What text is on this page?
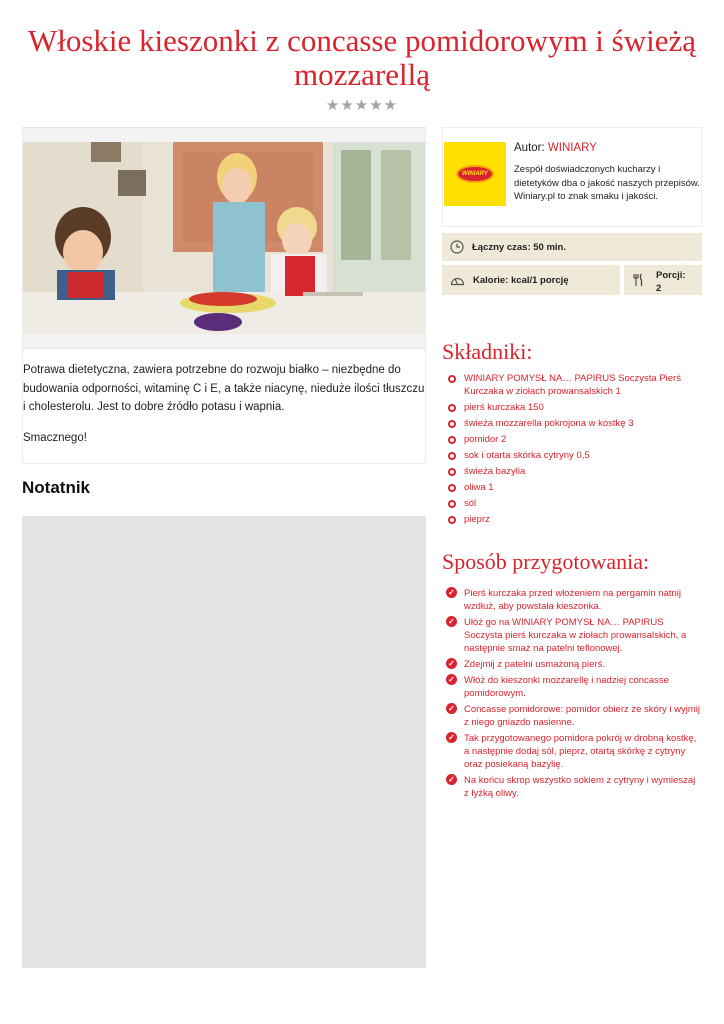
Włoskie kieszonki z concasse pomidorowym i świeżą mozzarellą
★★★★★

Potrawa dietetyczna, zawiera potrzebne do rozwoju białko – niezbędne do budowania odporności, witaminę C i E, a także niacynę, nieduże ilości tłuszczu i cholesterolu. Jest to dobre źródło potasu i wapnia.

Smacznego!

Notatnik
WINIARY
Autor: WINIARY
Zespół doświadczonych kucharzy i dietetyków dba o jakość naszych przepisów. Winiary.pl to znak smaku i jakości.
Łączny czas: 50 min.
Kalorie: kcal/1 porcję	Porcji:
2
Składniki:
WINIARY POMYSŁ NA… PAPIRUS Soczysta Pierś Kurczaka w ziołach prowansalskich 1
pierś kurczaka 150
świeża mozzarella pokrojona w kostkę 3
pomidor 2
sok i otarta skórka cytryny 0,5
świeża bazylia
oliwa 1
sól
pieprz
Sposób przygotowania:
✓ Pierś kurczaka przed włożeniem na pergamin natnij wzdłuż, aby powstała kieszonka.
✓ Ułóż go na WINIARY POMYSŁ NA… PAPIRUS Soczysta pierś kurczaka w ziołach prowansalskich, a następnie smaż na patelni teflonowej.
✓ Zdejmij z patelni usmażoną pierś.
✓ Włóż do kieszonki mozzarellę i nadziej concasse pomidorowym.
✓ Concasse pomidorowe: pomidor obierz ze skóry i wyjmij z niego gniazdo nasienne.
✓ Tak przygotowanego pomidora pokrój w drobną kostkę, a następnie dodaj sól, pieprz, otartą skórkę z cytryny oraz posiekaną bazylię.
✓ Na końcu skrop wszystko sokiem z cytryny i wymieszaj z łyżką oliwy.
